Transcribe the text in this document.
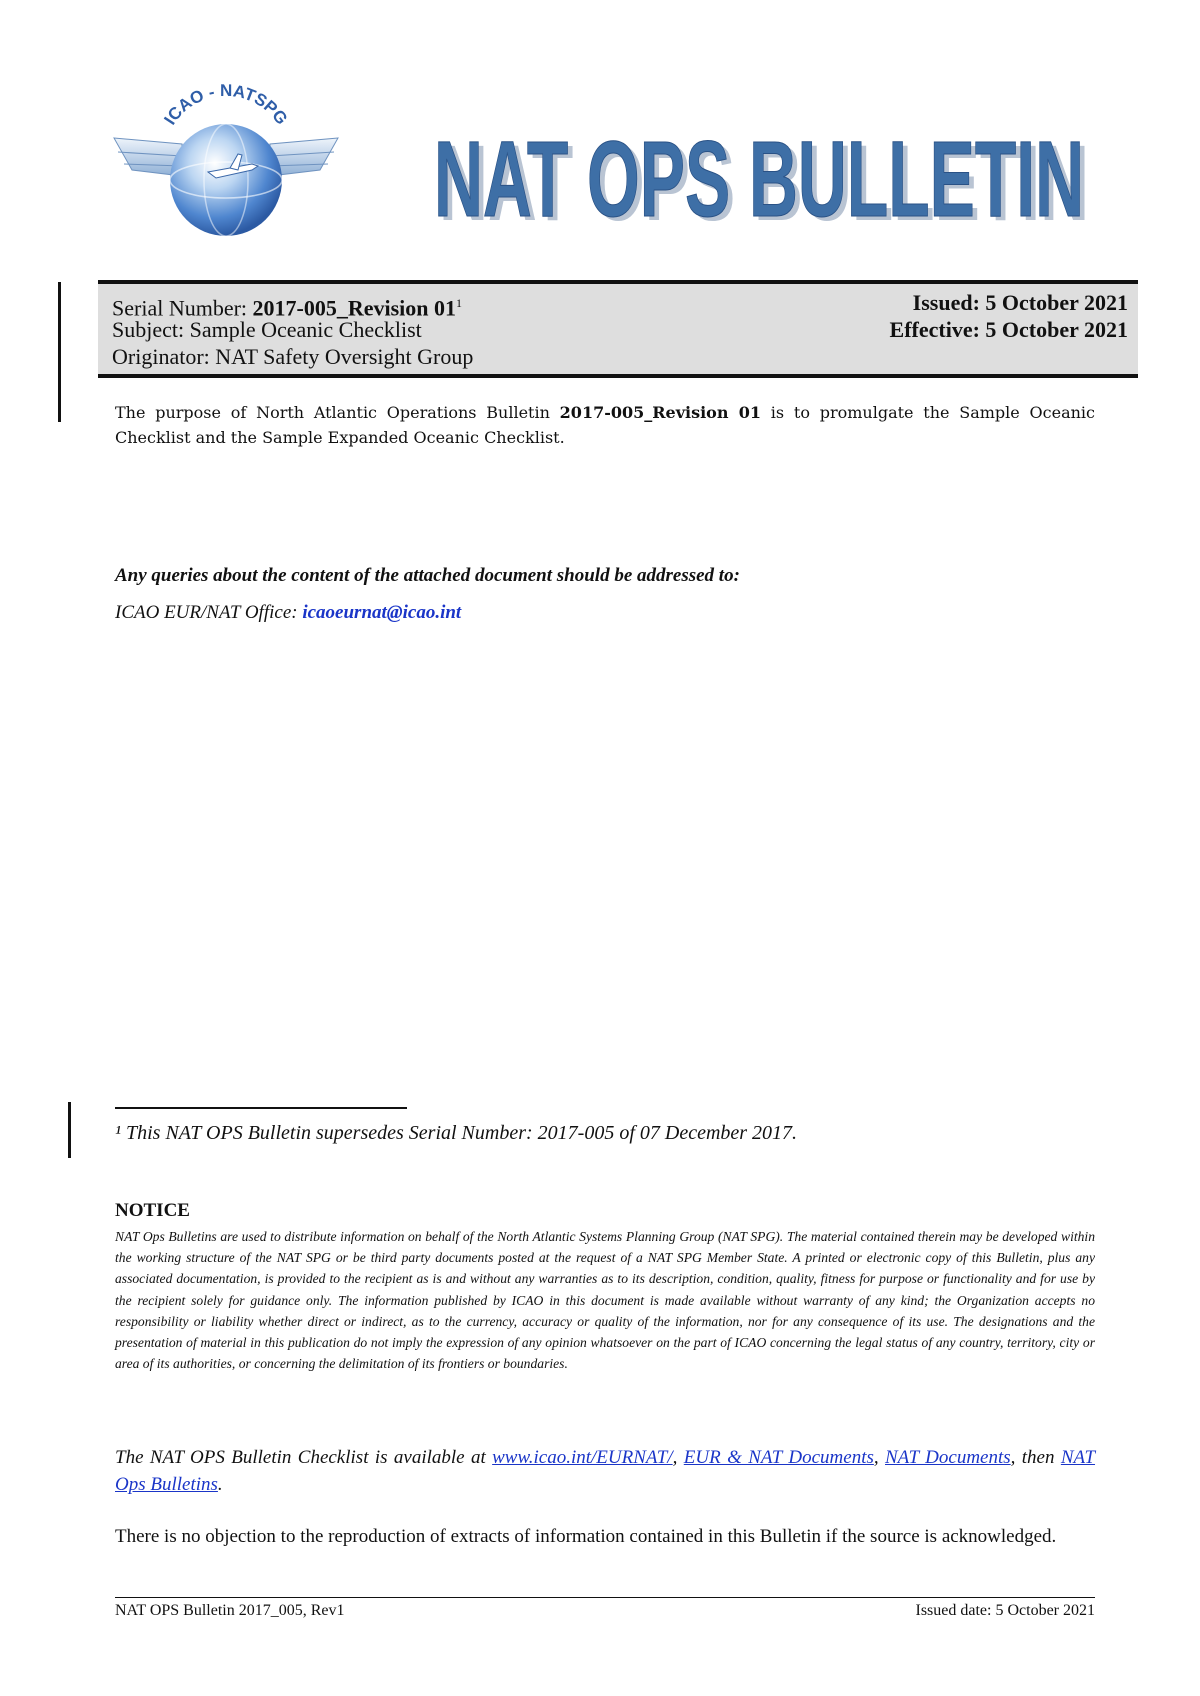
ICAO - NATSPG
NAT OPS BULLETIN
NAT OPS BULLETIN
Serial Number: 2017-005_Revision $01^1$
Subject: Sample Oceanic Checklist
Originator: NAT Safety Oversight Group
Issued: 5 October 2021
Effective: 5 October 2021
The purpose of North Atlantic Operations Bulletin 2017-005_Revision 01 is to promulgate the Sample Oceanic Checklist and the Sample Expanded Oceanic Checklist.
Any queries about the content of the attached document should be addressed to:
ICAO EUR/NAT Office: icaoeurnat@icao.int
¹ This NAT OPS Bulletin supersedes Serial Number: 2017-005 of 07 December 2017.
NOTICE
NAT Ops Bulletins are used to distribute information on behalf of the North Atlantic Systems Planning Group (NAT SPG). The material contained therein may be developed within the working structure of the NAT SPG or be third party documents posted at the request of a NAT SPG Member State. A printed or electronic copy of this Bulletin, plus any associated documentation, is provided to the recipient as is and without any warranties as to its description, condition, quality, fitness for purpose or functionality and for use by the recipient solely for guidance only. The information published by ICAO in this document is made available without warranty of any kind; the Organization accepts no responsibility or liability whether direct or indirect, as to the currency, accuracy or quality of the information, nor for any consequence of its use. The designations and the presentation of material in this publication do not imply the expression of any opinion whatsoever on the part of ICAO concerning the legal status of any country, territory, city or area of its authorities, or concerning the delimitation of its frontiers or boundaries.
The NAT OPS Bulletin Checklist is available at www.icao.int/EURNAT/, EUR & NAT Documents, NAT Documents, then NAT Ops Bulletins.
There is no objection to the reproduction of extracts of information contained in this Bulletin if the source is acknowledged.
NAT OPS Bulletin 2017_005, Rev1	Issued date: 5 October 2021
